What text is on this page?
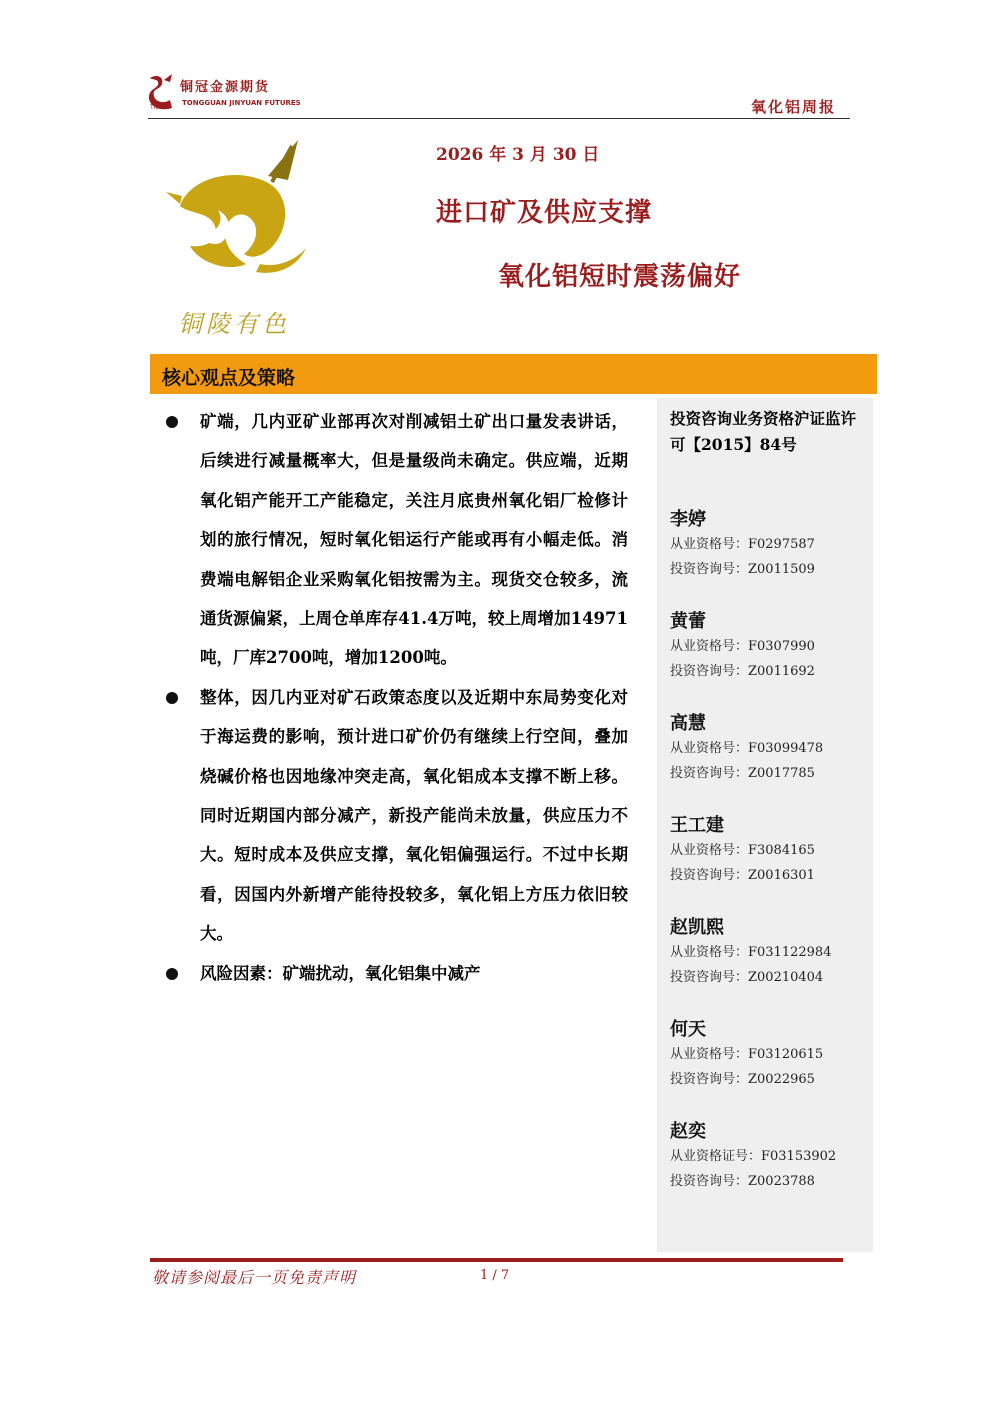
铜冠金源期货
TONGGUAN JINYUAN FUTURES
TNMG	氧化铝周报
铜陵有色
2026 年 3 月 30 日
进口矿及供应支撑
氧化铝短时震荡偏好
核心观点及策略
矿端，几内亚矿业部再次对削减铝土矿出口量发表讲话，后续进行减量概率大，但是量级尚未确定。供应端，近期氧化铝产能开工产能稳定，关注月底贵州氧化铝厂检修计划的旅行情况，短时氧化铝运行产能或再有小幅走低。消费端电解铝企业采购氧化铝按需为主。现货交仓较多，流通货源偏紧，上周仓单库存41.4万吨，较上周增加14971吨，厂库2700吨，增加1200吨。
整体，因几内亚对矿石政策态度以及近期中东局势变化对于海运费的影响，预计进口矿价仍有继续上行空间，叠加烧碱价格也因地缘冲突走高，氧化铝成本支撑不断上移。同时近期国内部分减产，新投产能尚未放量，供应压力不大。短时成本及供应支撑，氧化铝偏强运行。不过中长期看，因国内外新增产能待投较多，氧化铝上方压力依旧较大。
风险因素：矿端扰动，氧化铝集中减产
投资咨询业务资格沪证监许可【2015】84号
李婷
从业资格号：F0297587
投资咨询号：Z0011509
黄蕾
从业资格号：F0307990
投资咨询号：Z0011692
高慧
从业资格号：F03099478
投资咨询号：Z0017785
王工建
从业资格号：F3084165
投资咨询号：Z0016301
赵凯熙
从业资格号：F031122984
投资咨询号：Z00210404
何天
从业资格号：F03120615
投资咨询号：Z0022965
赵奕
从业资格证号：F03153902
投资咨询号：Z0023788
敬请参阅最后一页免责声明	1 / 7
